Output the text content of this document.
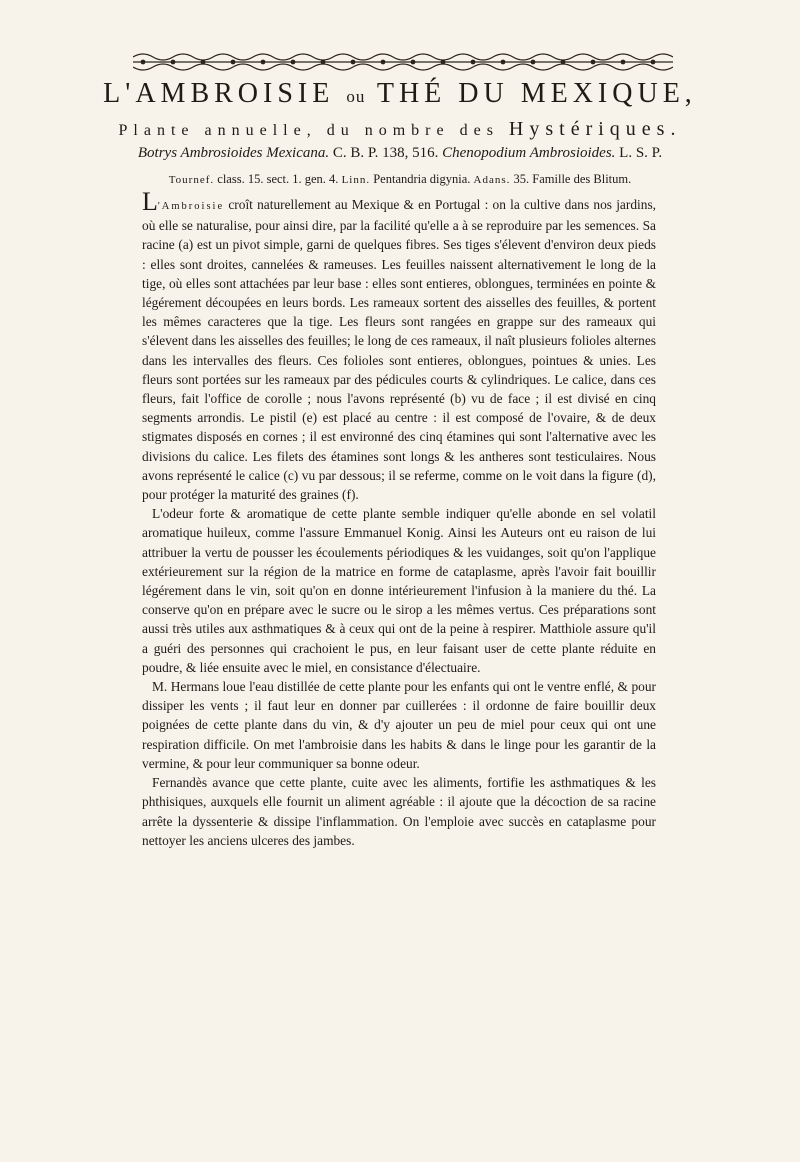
L'AMBROISIE ou THÉ DU MEXIQUE,
Plante annuelle, du nombre des Hystériques.
Botrys Ambrosioides Mexicana. C. B. P. 138, 516. Chenopodium Ambrosioides. L. S. P.
Tournef. class. 15. sect. 1. gen. 4. Linn. Pentandria digynia. Adans. 35. Famille des Blitum.

L'Ambroisie croît naturellement au Mexique & en Portugal : on la cultive dans nos jardins, où elle se naturalise, pour ainsi dire, par la facilité qu'elle a à se reproduire par les semences. Sa racine (a) est un pivot simple, garni de quelques fibres. Ses tiges s'élevent d'environ deux pieds : elles sont droites, cannelées & rameuses. Les feuilles naissent alternativement le long de la tige, où elles sont attachées par leur base : elles sont entieres, oblongues, terminées en pointe & légérement découpées en leurs bords. Les rameaux sortent des aisselles des feuilles, & portent les mêmes caracteres que la tige. Les fleurs sont rangées en grappe sur des rameaux qui s'élevent dans les aisselles des feuilles; le long de ces rameaux, il naît plusieurs folioles alternes dans les intervalles des fleurs. Ces folioles sont entieres, oblongues, pointues & unies. Les fleurs sont portées sur les rameaux par des pédicules courts & cylindriques. Le calice, dans ces fleurs, fait l'office de corolle ; nous l'avons représenté (b) vu de face ; il est divisé en cinq segments arrondis. Le pistil (e) est placé au centre : il est composé de l'ovaire, & de deux stigmates disposés en cornes ; il est environné des cinq étamines qui sont l'alternative avec les divisions du calice. Les filets des étamines sont longs & les antheres sont testiculaires. Nous avons représenté le calice (c) vu par dessous; il se referme, comme on le voit dans la figure (d), pour protéger la maturité des graines (f).

L'odeur forte & aromatique de cette plante semble indiquer qu'elle abonde en sel volatil aromatique huileux, comme l'assure Emmanuel Konig. Ainsi les Auteurs ont eu raison de lui attribuer la vertu de pousser les écoulements périodiques & les vuidanges, soit qu'on l'applique extérieurement sur la région de la matrice en forme de cataplasme, après l'avoir fait bouillir légérement dans le vin, soit qu'on en donne intérieurement l'infusion à la maniere du thé. La conserve qu'on en prépare avec le sucre ou le sirop a les mêmes vertus. Ces préparations sont aussi très utiles aux asthmatiques & à ceux qui ont de la peine à respirer. Matthiole assure qu'il a guéri des personnes qui crachoient le pus, en leur faisant user de cette plante réduite en poudre, & liée ensuite avec le miel, en consistance d'électuaire.

M. Hermans loue l'eau distillée de cette plante pour les enfants qui ont le ventre enflé, & pour dissiper les vents ; il faut leur en donner par cuillerées : il ordonne de faire bouillir deux poignées de cette plante dans du vin, & d'y ajouter un peu de miel pour ceux qui ont une respiration difficile. On met l'ambroisie dans les habits & dans le linge pour les garantir de la vermine, & pour leur communiquer sa bonne odeur.

Fernandès avance que cette plante, cuite avec les aliments, fortifie les asthmatiques & les phthisiques, auxquels elle fournit un aliment agréable : il ajoute que la décoction de sa racine arrête la dyssenterie & dissipe l'inflammation. On l'emploie avec succès en cataplasme pour nettoyer les anciens ulceres des jambes.
